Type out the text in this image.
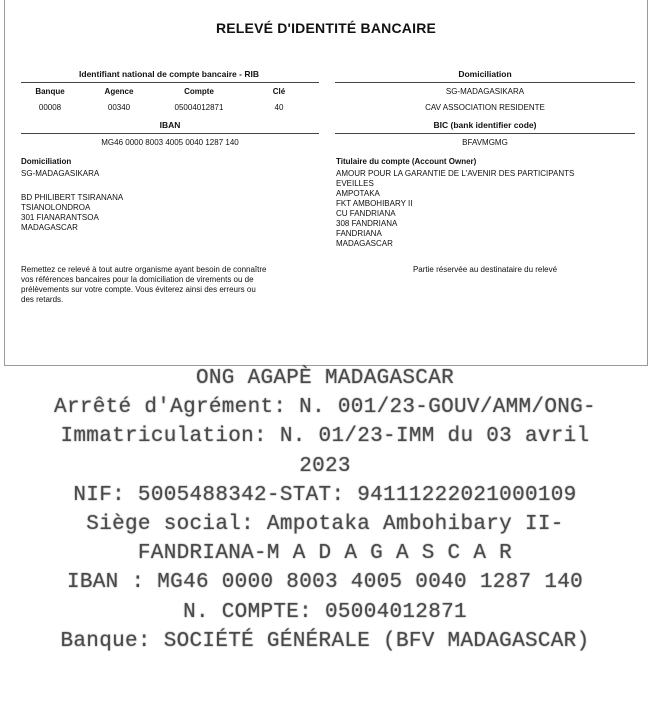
RELEVÉ D'IDENTITÉ BANCAIRE
Identifiant national de compte bancaire - RIB
Banque	Agence	Compte	Clé
00008	00340	05004012871	40
IBAN
MG46 0000 8003 4005 0040 1287 140
Domiciliation
SG-MADAGASIKARA
CAV ASSOCIATION RESIDENTE
BIC (bank identifier code)
BFAVMGMG
Domiciliation
SG-MADAGASIKARA
BD PHILIBERT TSIRANANA
TSIANOLONDROA
301 FIANARANTSOA
MADAGASCAR
Titulaire du compte (Account Owner)
AMOUR POUR LA GARANTIE DE L'AVENIR DES PARTICIPANTS
EVEILLES
AMPOTAKA
FKT AMBOHIBARY II
CU FANDRIANA
308 FANDRIANA
FANDRIANA
MADAGASCAR
Remettez ce relevé à tout autre organisme ayant besoin de connaître
vos références bancaires pour la domiciliation de virements ou de
prélèvements sur votre compte. Vous éviterez ainsi des erreurs ou
des retards.
Partie réservée au destinataire du relevé
ONG AGAPÈ MADAGASCAR
Arrêté d'Agrément: N. 001/23-GOUV/AMM/ONG-
Immatriculation: N. 01/23-IMM du 03 avril
2023
NIF: 5005488342-STAT: 94111222021000109
Siège social: Ampotaka Ambohibary II-
FANDRIANA-M A D A G A S C A R
IBAN : MG46 0000 8003 4005 0040 1287 140
N. COMPTE: 05004012871
Banque: SOCIÉTÉ GÉNÉRALE (BFV MADAGASCAR)
